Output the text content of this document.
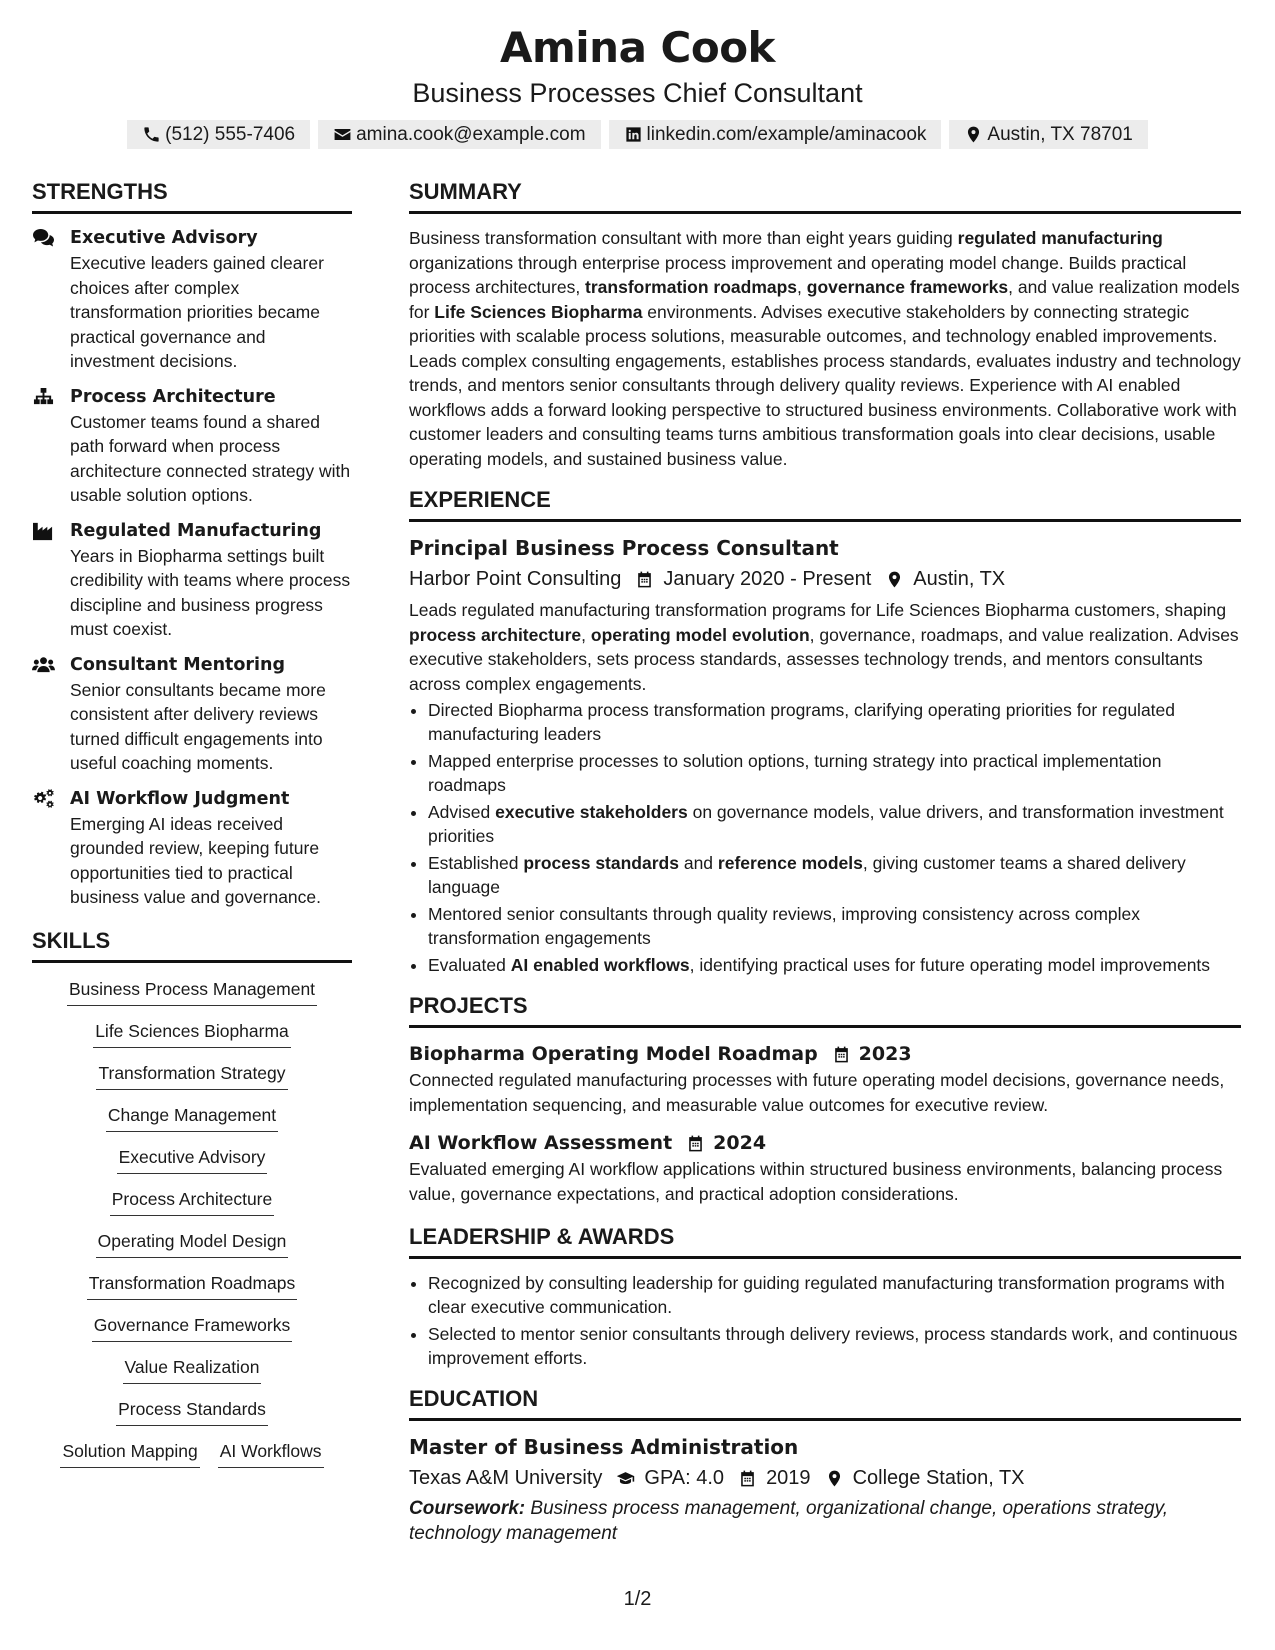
Amina Cook
Business Processes Chief Consultant
(512) 555-7406	amina.cook@example.com	linkedin.com/example/aminacook	Austin, TX 78701
STRENGTHS
Executive Advisory
Executive leaders gained clearer choices after complex transformation priorities became practical governance and investment decisions.
Process Architecture
Customer teams found a shared path forward when process architecture connected strategy with usable solution options.
Regulated Manufacturing
Years in Biopharma settings built credibility with teams where process discipline and business progress must coexist.
Consultant Mentoring
Senior consultants became more consistent after delivery reviews turned difficult engagements into useful coaching moments.
AI Workflow Judgment
Emerging AI ideas received grounded review, keeping future opportunities tied to practical business value and governance.
SKILLS
Business Process Management
Life Sciences Biopharma
Transformation Strategy
Change Management
Executive Advisory
Process Architecture
Operating Model Design
Transformation Roadmaps
Governance Frameworks
Value Realization
Process Standards
Solution Mapping AI Workflows
SUMMARY
Business transformation consultant with more than eight years guiding regulated manufacturing organizations through enterprise process improvement and operating model change. Builds practical process architectures, transformation roadmaps, governance frameworks, and value realization models for Life Sciences Biopharma environments. Advises executive stakeholders by connecting strategic priorities with scalable process solutions, measurable outcomes, and technology enabled improvements. Leads complex consulting engagements, establishes process standards, evaluates industry and technology trends, and mentors senior consultants through delivery quality reviews. Experience with AI enabled workflows adds a forward looking perspective to structured business environments. Collaborative work with customer leaders and consulting teams turns ambitious transformation goals into clear decisions, usable operating models, and sustained business value.
EXPERIENCE
Principal Business Process Consultant
Harbor Point Consulting January 2020 - Present Austin, TX
Leads regulated manufacturing transformation programs for Life Sciences Biopharma customers, shaping process architecture, operating model evolution, governance, roadmaps, and value realization. Advises executive stakeholders, sets process standards, assesses technology trends, and mentors consultants across complex engagements.
• Directed Biopharma process transformation programs, clarifying operating priorities for regulated manufacturing leaders
• Mapped enterprise processes to solution options, turning strategy into practical implementation roadmaps
• Advised executive stakeholders on governance models, value drivers, and transformation investment priorities
• Established process standards and reference models, giving customer teams a shared delivery language
• Mentored senior consultants through quality reviews, improving consistency across complex transformation engagements
• Evaluated AI enabled workflows, identifying practical uses for future operating model improvements
PROJECTS
Biopharma Operating Model Roadmap 2023
Connected regulated manufacturing processes with future operating model decisions, governance needs, implementation sequencing, and measurable value outcomes for executive review.
AI Workflow Assessment 2024
Evaluated emerging AI workflow applications within structured business environments, balancing process value, governance expectations, and practical adoption considerations.
LEADERSHIP & AWARDS
• Recognized by consulting leadership for guiding regulated manufacturing transformation programs with clear executive communication.
• Selected to mentor senior consultants through delivery reviews, process standards work, and continuous improvement efforts.
EDUCATION
Master of Business Administration
Texas A&M University GPA: 4.0 2019 College Station, TX
Coursework: Business process management, organizational change, operations strategy, technology management
1/2
